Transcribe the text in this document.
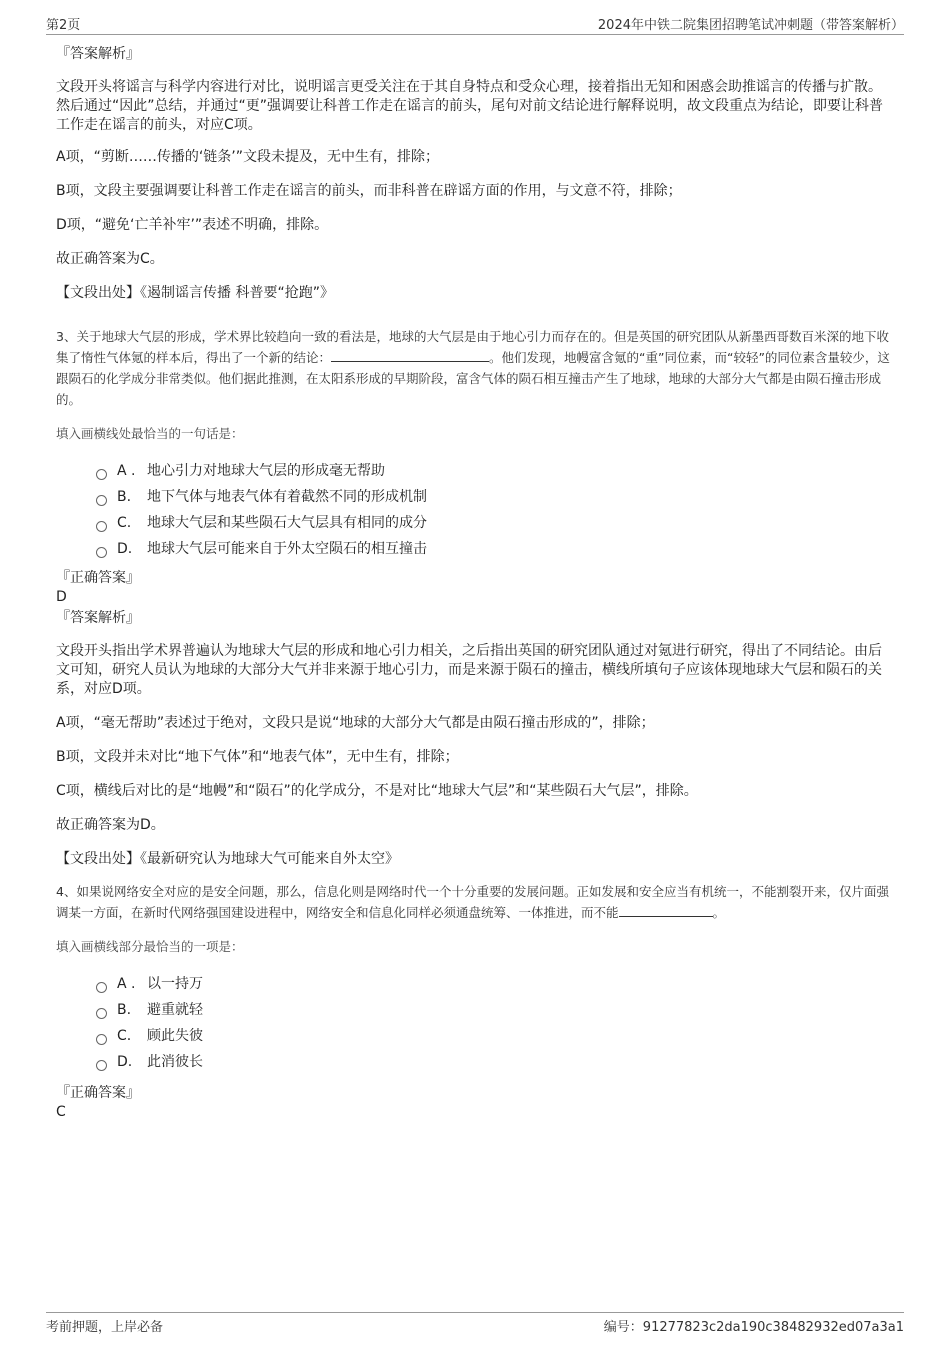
第2页	2024年中铁二院集团招聘笔试冲刺题（带答案解析）

『答案解析』

文段开头将谣言与科学内容进行对比，说明谣言更受关注在于其自身特点和受众心理，接着指出无知和困惑会助推谣言的传播与扩散。然后通过“因此”总结，并通过“更”强调要让科普工作走在谣言的前头，尾句对前文结论进行解释说明，故文段重点为结论，即要让科普工作走在谣言的前头，对应C项。

A项，“剪断……传播的‘链条’”文段未提及，无中生有，排除；

B项，文段主要强调要让科普工作走在谣言的前头，而非科普在辟谣方面的作用，与文意不符，排除；

D项，“避免‘亡羊补牢’”表述不明确，排除。

故正确答案为C。

【文段出处】《遏制谣言传播 科普要“抢跑”》

3、关于地球大气层的形成，学术界比较趋向一致的看法是，地球的大气层是由于地心引力而存在的。但是英国的研究团队从新墨西哥数百米深的地下收集了惰性气体氪的样本后，得出了一个新的结论：	。他们发现，地幔富含氪的“重”同位素，而“较轻”的同位素含量较少，这跟陨石的化学成分非常类似。他们据此推测，在太阳系形成的早期阶段，富含气体的陨石相互撞击产生了地球，地球的大部分大气都是由陨石撞击形成的。

填入画横线处最恰当的一句话是：

A . 地心引力对地球大气层的形成毫无帮助
B.	地下气体与地表气体有着截然不同的形成机制
C.	地球大气层和某些陨石大气层具有相同的成分
D.	地球大气层可能来自于外太空陨石的相互撞击

『正确答案』

D

『答案解析』

文段开头指出学术界普遍认为地球大气层的形成和地心引力相关，之后指出英国的研究团队通过对氪进行研究，得出了不同结论。由后文可知，研究人员认为地球的大部分大气并非来源于地心引力，而是来源于陨石的撞击，横线所填句子应该体现地球大气层和陨石的关系，对应D项。

A项，“毫无帮助”表述过于绝对，文段只是说“地球的大部分大气都是由陨石撞击形成的”，排除；

B项，文段并未对比“地下气体”和“地表气体”，无中生有，排除；

C项，横线后对比的是“地幔”和“陨石”的化学成分，不是对比“地球大气层”和“某些陨石大气层”，排除。

故正确答案为D。

【文段出处】《最新研究认为地球大气可能来自外太空》

4、如果说网络安全对应的是安全问题，那么，信息化则是网络时代一个十分重要的发展问题。正如发展和安全应当有机统一，不能割裂开来，仅片面强调某一方面，在新时代网络强国建设进程中，网络安全和信息化同样必须通盘统筹、一体推进，而不能	。

填入画横线部分最恰当的一项是：

A . 以一持万
B.	避重就轻
C.	顾此失彼
D.	此消彼长

『正确答案』

C

考前押题，上岸必备	编号：91277823c2da190c38482932ed07a3a1
